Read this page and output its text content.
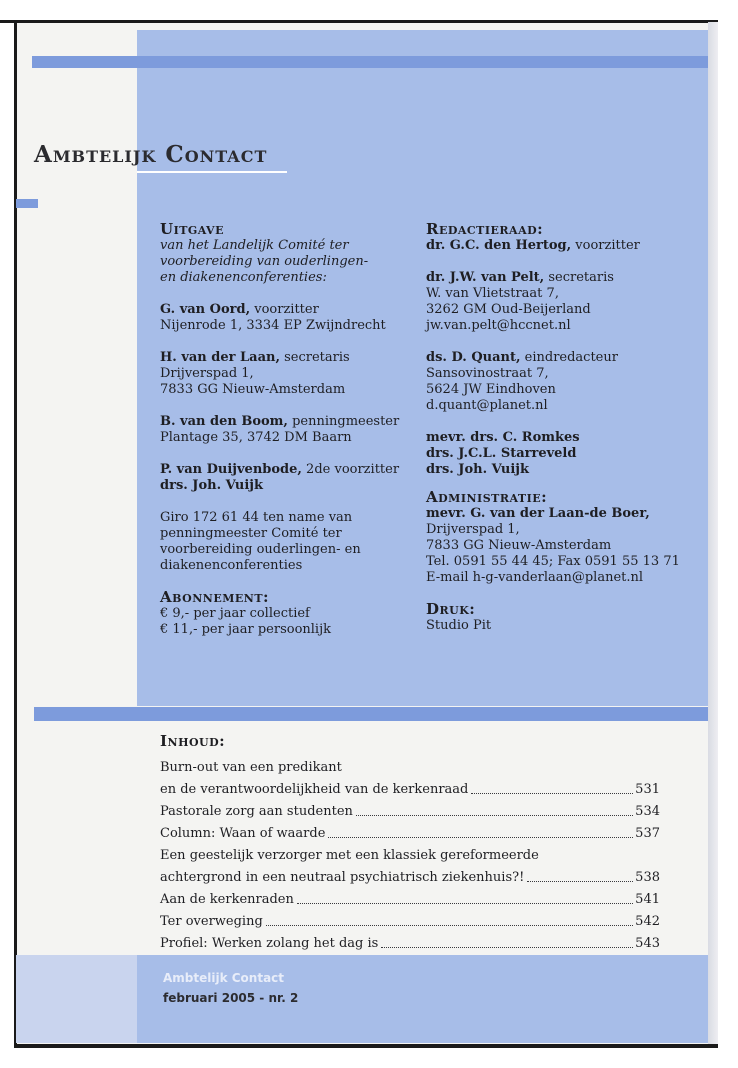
Ambtelijk Contact
Uitgave
van het Landelijk Comité ter
voorbereiding van ouderlingen-
en diakenenconferenties:
G. van Oord, voorzitter
Nijenrode 1, 3334 EP Zwijndrecht
H. van der Laan, secretaris
Drijverspad 1,
7833 GG Nieuw-Amsterdam
B. van den Boom, penningmeester
Plantage 35, 3742 DM Baarn
P. van Duijvenbode, 2de voorzitter
drs. Joh. Vuijk
Giro 172 61 44 ten name van
penningmeester Comité ter
voorbereiding ouderlingen- en
diakenenconferenties
Abonnement:
€ 9,- per jaar collectief
€ 11,- per jaar persoonlijk
Redactieraad:
dr. G.C. den Hertog, voorzitter
dr. J.W. van Pelt, secretaris
W. van Vlietstraat 7,
3262 GM Oud-Beijerland
jw.van.pelt@hccnet.nl
ds. D. Quant, eindredacteur
Sansovinostraat 7,
5624 JW Eindhoven
d.quant@planet.nl
mevr. drs. C. Romkes
drs. J.C.L. Starreveld
drs. Joh. Vuijk
Administratie:
mevr. G. van der Laan-de Boer,
Drijverspad 1,
7833 GG Nieuw-Amsterdam
Tel. 0591 55 44 45; Fax 0591 55 13 71
E-mail h-g-vanderlaan@planet.nl
Druk:
Studio Pit
Inhoud:
Burn-out van een predikant
en de verantwoordelijkheid van de kerkenraad	531
Pastorale zorg aan studenten	534
Column: Waan of waarde	537
Een geestelijk verzorger met een klassiek gereformeerde
achtergrond in een neutraal psychiatrisch ziekenhuis?!	538
Aan de kerkenraden	541
Ter overweging	542
Profiel: Werken zolang het dag is	543
Ambtelijk Contact
februari 2005 - nr. 2
